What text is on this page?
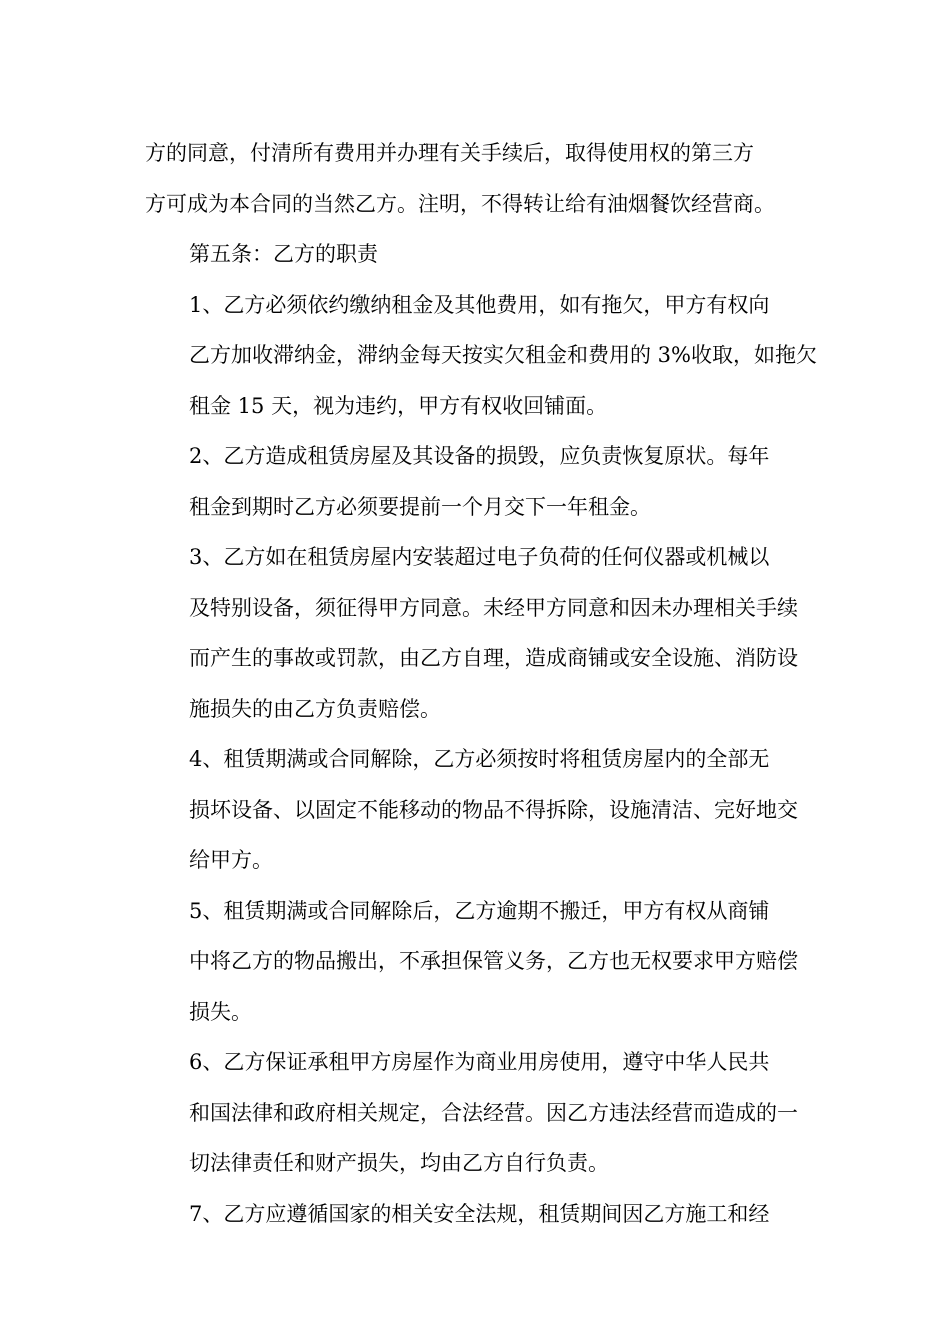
方的同意，付清所有费用并办理有关手续后，取得使用权的第三方
方可成为本合同的当然乙方。注明，不得转让给有油烟餐饮经营商。

第五条：乙方的职责

1、乙方必须依约缴纳租金及其他费用，如有拖欠，甲方有权向
乙方加收滞纳金，滞纳金每天按实欠租金和费用的 3%收取，如拖欠
租金 15 天，视为违约，甲方有权收回铺面。

2、乙方造成租赁房屋及其设备的损毁，应负责恢复原状。每年
租金到期时乙方必须要提前一个月交下一年租金。

3、乙方如在租赁房屋内安装超过电子负荷的任何仪器或机械以
及特别设备，须征得甲方同意。未经甲方同意和因未办理相关手续
而产生的事故或罚款，由乙方自理，造成商铺或安全设施、消防设
施损失的由乙方负责赔偿。

4、租赁期满或合同解除，乙方必须按时将租赁房屋内的全部无
损坏设备、以固定不能移动的物品不得拆除，设施清洁、完好地交
给甲方。

5、租赁期满或合同解除后，乙方逾期不搬迁，甲方有权从商铺
中将乙方的物品搬出，不承担保管义务，乙方也无权要求甲方赔偿
损失。

6、乙方保证承租甲方房屋作为商业用房使用，遵守中华人民共
和国法律和政府相关规定，合法经营。因乙方违法经营而造成的一
切法律责任和财产损失，均由乙方自行负责。

7、乙方应遵循国家的相关安全法规，租赁期间因乙方施工和经
